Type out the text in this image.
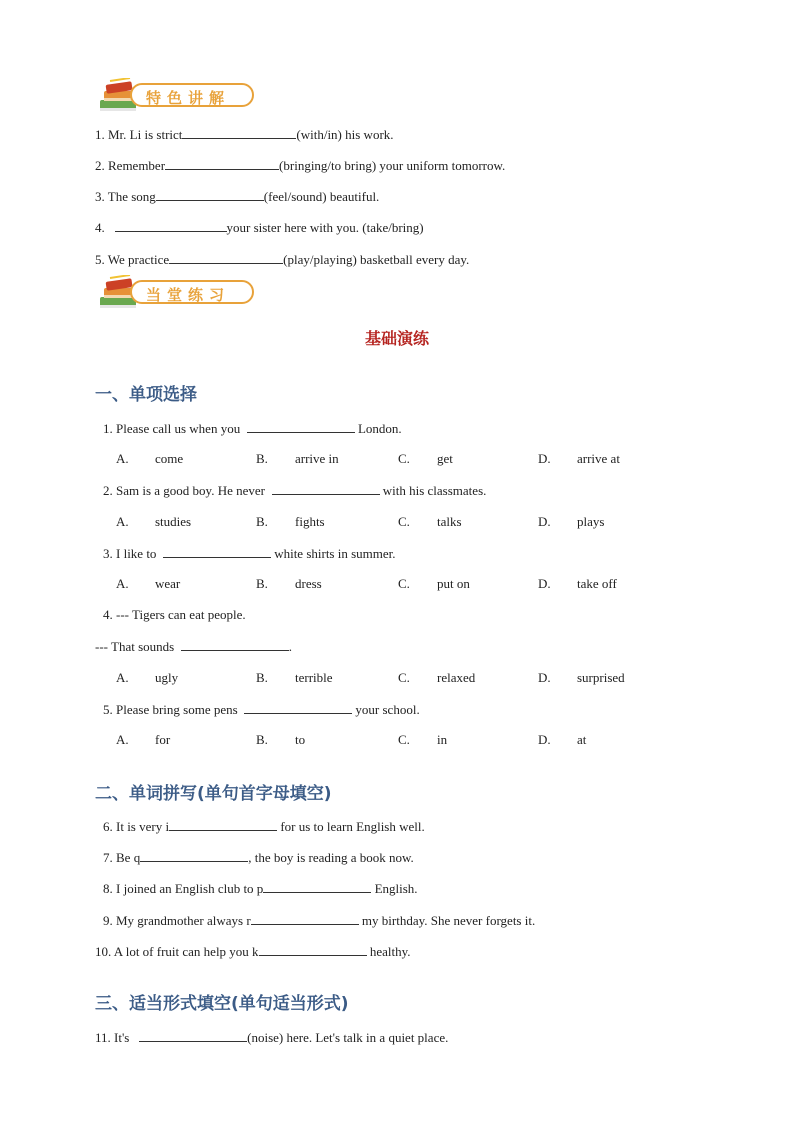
特色讲解
1. Mr. Li is strict	(with/in) his work.
2. Remember	(bringing/to bring) your uniform tomorrow.
3. The song	(feel/sound) beautiful.
4.	your sister here with you. (take/bring)
5. We practice	(play/playing) basketball every day.
当堂练习
基础演练
一、单项选择
1. Please call us when you	London.
A. come	B. arrive in	C. get	D. arrive at
2. Sam is a good boy. He never	with his classmates.
A. studies	B. fights	C. talks	D. plays
3. I like to	white shirts in summer.
A. wear	B. dress	C. put on	D. take off
4. --- Tigers can eat people.
--- That sounds	.
A. ugly	B. terrible	C. relaxed	D. surprised
5. Please bring some pens	your school.
A. for	B. to	C. in	D. at
二、单词拼写(单句首字母填空)
6. It is very i	for us to learn English well.
7. Be q	, the boy is reading a book now.
8. I joined an English club to p	English.
9. My grandmother always r	my birthday. She never forgets it.
10. A lot of fruit can help you k	healthy.
三、适当形式填空(单句适当形式)
11. It's	(noise) here. Let's talk in a quiet place.
